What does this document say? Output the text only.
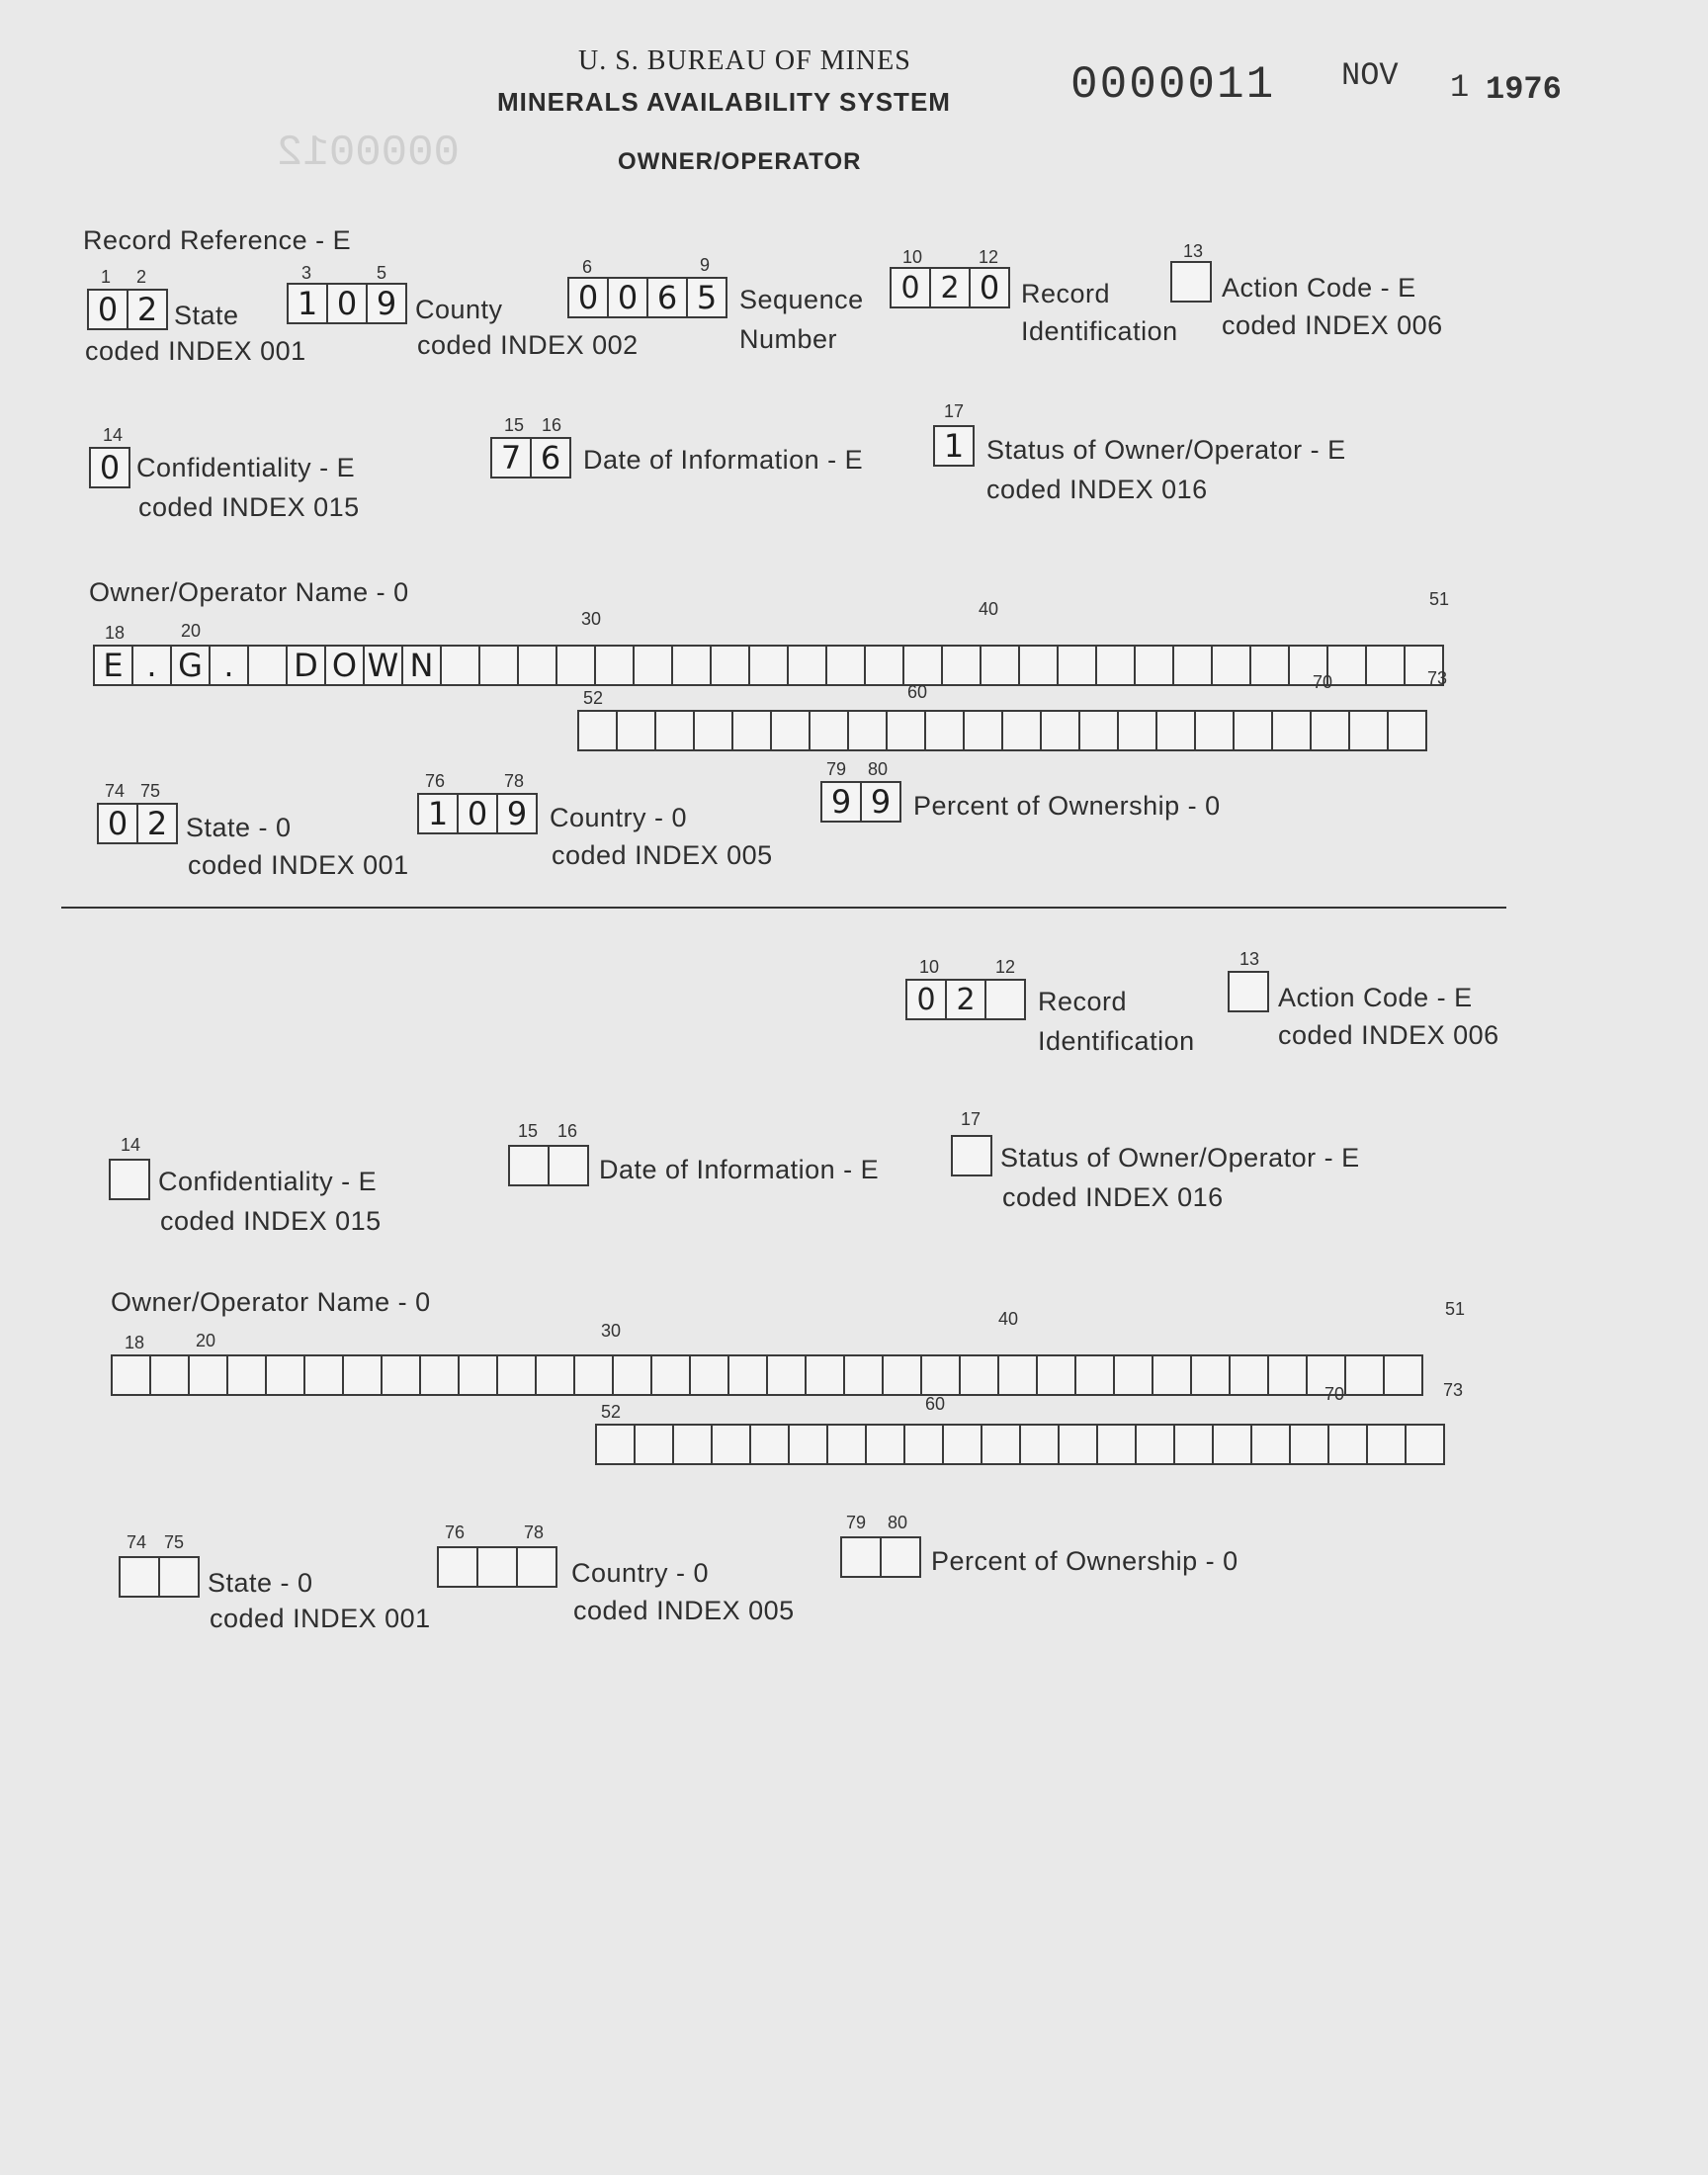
0000012
U. S. BUREAU OF MINES
MINERALS AVAILABILITY SYSTEM	0000011 NOV 1 1976
OWNER/OPERATOR
Record Reference - E
1 2
0 2 State
coded INDEX 001
3	5
1 0 9 County
coded INDEX 002
6	9
0 0 6 5 Sequence
Number
10	12
0 2 0 Record
Identification
13
Action Code - E
coded INDEX 006
14
0 Confidentiality - E
coded INDEX 015
15 16
7 6 Date of Information - E
17
1 Status of Owner/Operator - E
coded INDEX 016
Owner/Operator Name - 0
18	20
30	40	51
E . G .	D O W N
52	60	70	73
74 75
0 2 State - 0
coded INDEX 001
76	78
1 0 9 Country - 0
coded INDEX 005
79 80
9 9 Percent of Ownership - 0
10	12
0 2	Record
Identification
13
Action Code - E
coded INDEX 006
14
Confidentiality - E
coded INDEX 015
15 16
Date of Information - E
17
Status of Owner/Operator - E
coded INDEX 016
Owner/Operator Name - 0
18	20	30
40	51
52	60	70	73
74 75
State - 0
coded INDEX 001
76	78
Country - 0
coded INDEX 005
79 80
Percent of Ownership - 0
